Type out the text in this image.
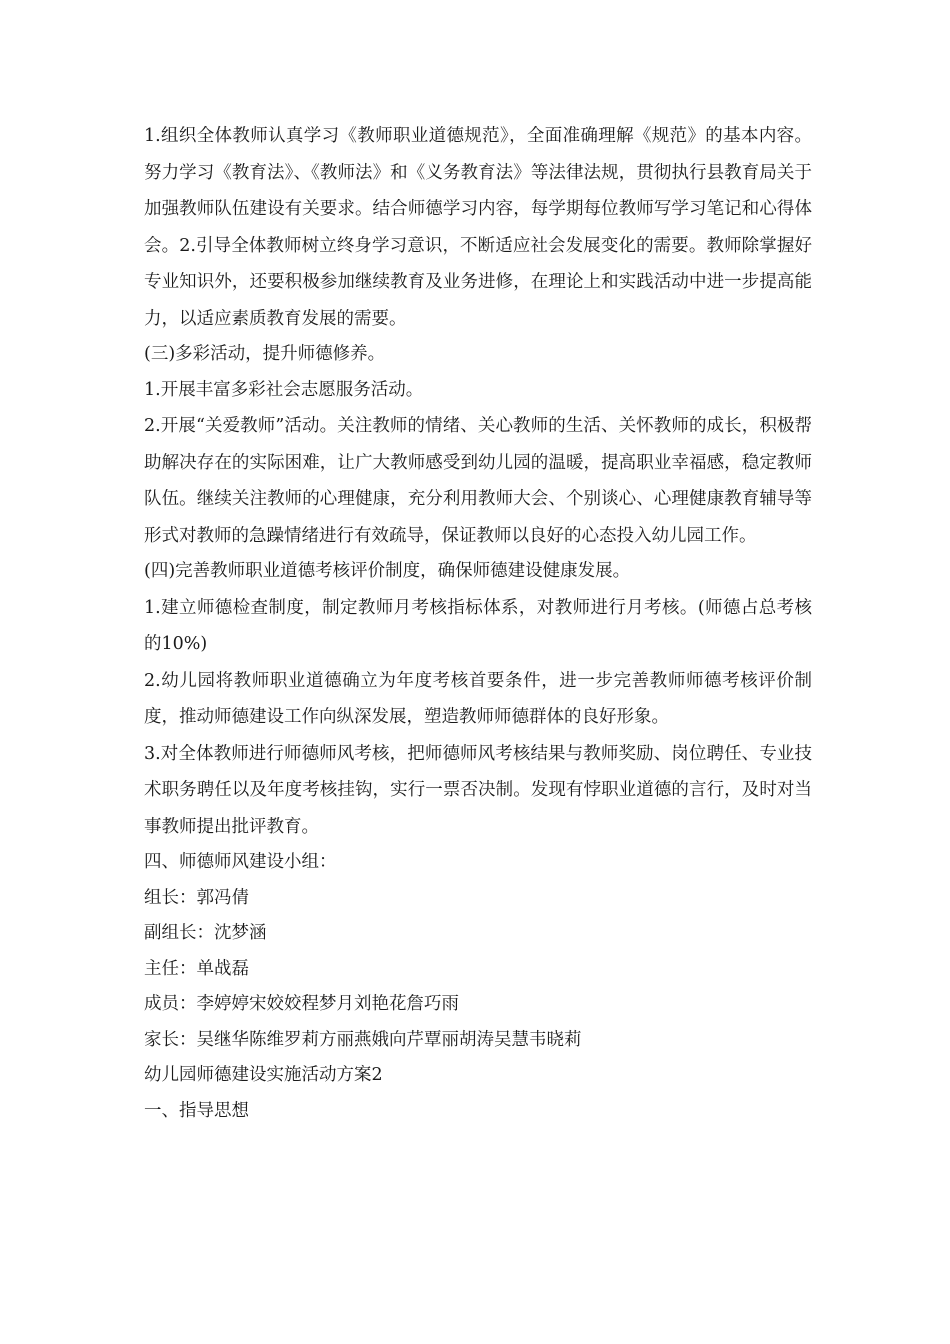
1.组织全体教师认真学习《教师职业道德规范》，全面准确理解《规范》的基本内容。努力学习《教育法》、《教师法》和《义务教育法》等法律法规，贯彻执行县教育局关于加强教师队伍建设有关要求。结合师德学习内容，每学期每位教师写学习笔记和心得体会。2.引导全体教师树立终身学习意识，不断适应社会发展变化的需要。教师除掌握好专业知识外，还要积极参加继续教育及业务进修，在理论上和实践活动中进一步提高能力，以适应素质教育发展的需要。

(三)多彩活动，提升师德修养。

1.开展丰富多彩社会志愿服务活动。

2.开展“关爱教师”活动。关注教师的情绪、关心教师的生活、关怀教师的成长，积极帮助解决存在的实际困难，让广大教师感受到幼儿园的温暖，提高职业幸福感，稳定教师队伍。继续关注教师的心理健康，充分利用教师大会、个别谈心、心理健康教育辅导等形式对教师的急躁情绪进行有效疏导，保证教师以良好的心态投入幼儿园工作。

(四)完善教师职业道德考核评价制度，确保师德建设健康发展。

1.建立师德检查制度，制定教师月考核指标体系，对教师进行月考核。(师德占总考核的10%)

2.幼儿园将教师职业道德确立为年度考核首要条件，进一步完善教师师德考核评价制度，推动师德建设工作向纵深发展，塑造教师师德群体的良好形象。

3.对全体教师进行师德师风考核，把师德师风考核结果与教师奖励、岗位聘任、专业技术职务聘任以及年度考核挂钩，实行一票否决制。发现有悖职业道德的言行，及时对当事教师提出批评教育。

四、师德师风建设小组：

组长：郭冯倩

副组长：沈梦涵

主任：单战磊

成员：李婷婷宋姣姣程梦月刘艳花詹巧雨

家长：吴继华陈维罗莉方丽燕娥向芹覃丽胡涛吴慧韦晓莉

幼儿园师德建设实施活动方案2

一、指导思想
